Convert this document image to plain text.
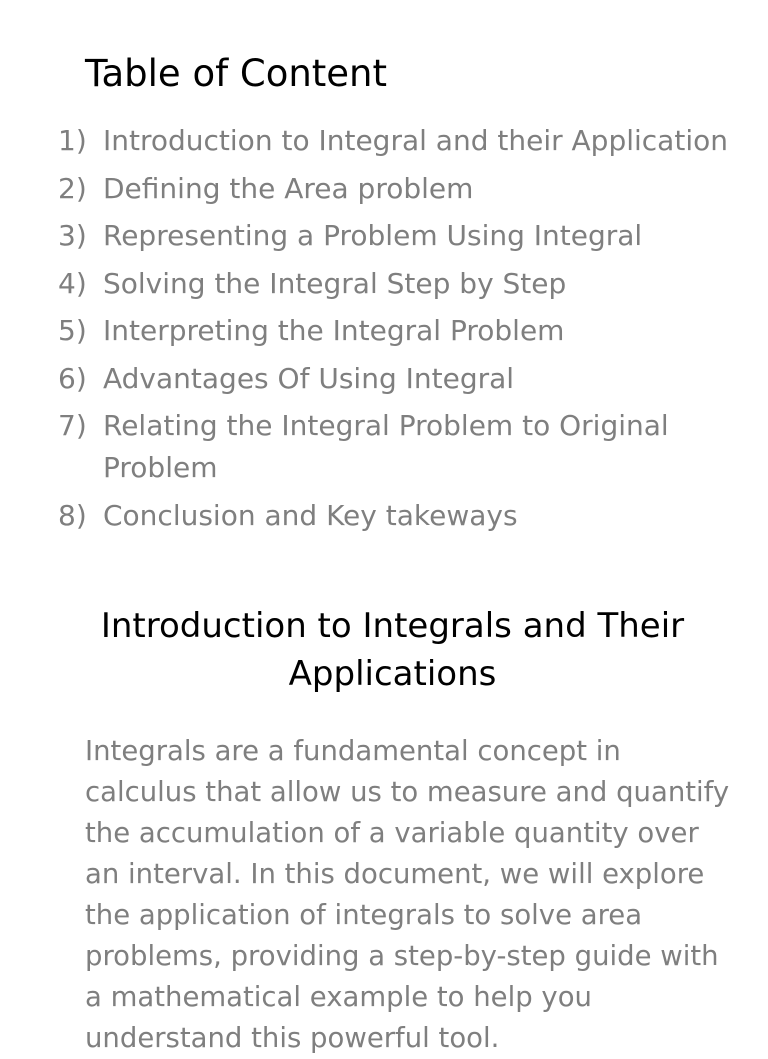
Table of Content
1) Introduction to Integral and their Application
2) Defining the Area problem
3) Representing a Problem Using Integral
4) Solving the Integral Step by Step
5) Interpreting the Integral Problem
6) Advantages Of Using Integral
7) Relating the Integral Problem to Original Problem
8) Conclusion and Key takeways
Introduction to Integrals and Their Applications

Integrals are a fundamental concept in calculus that allow us to measure and quantify the accumulation of a variable quantity over an interval. In this document, we will explore the application of integrals to solve area problems, providing a step-by-step guide with a mathematical example to help you understand this powerful tool.
